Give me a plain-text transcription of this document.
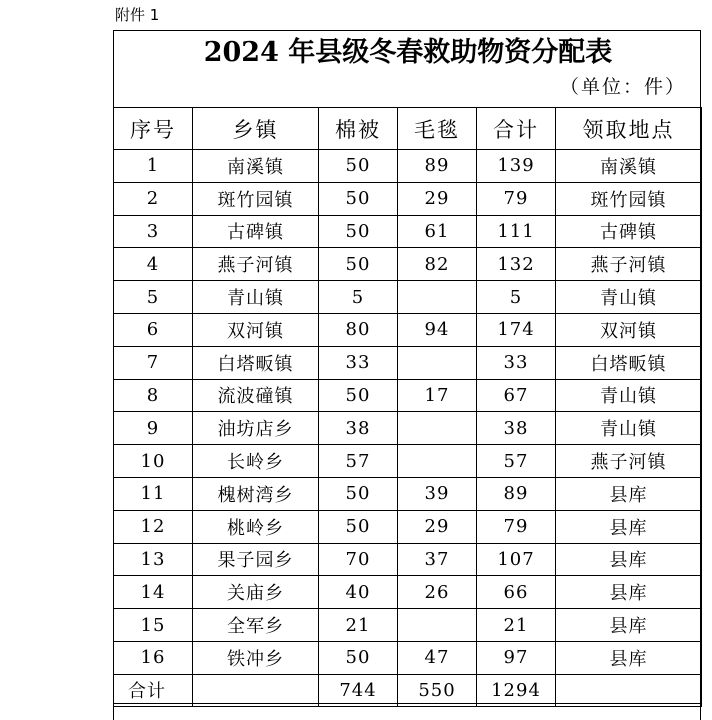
附件 1

2024 年县级冬春救助物资分配表

（单位：件）

序号	乡镇	棉被	毛毯	合计	领取地点
1	南溪镇	50	89	139	南溪镇
2	斑竹园镇	50	29	79	斑竹园镇
3	古碑镇	50	61	111	古碑镇
4	燕子河镇	50	82	132	燕子河镇
5	青山镇	5		5	青山镇
6	双河镇	80	94	174	双河镇
7	白塔畈镇	33		33	白塔畈镇
8	流波䃥镇	50	17	67	青山镇
9	油坊店乡	38		38	青山镇
10	长岭乡	57		57	燕子河镇
11	槐树湾乡	50	39	89	县库
12	桃岭乡	50	29	79	县库
13	果子园乡	70	37	107	县库
14	关庙乡	40	26	66	县库
15	全军乡	21		21	县库
16	铁冲乡	50	47	97	县库
合计		744	550	1294	
